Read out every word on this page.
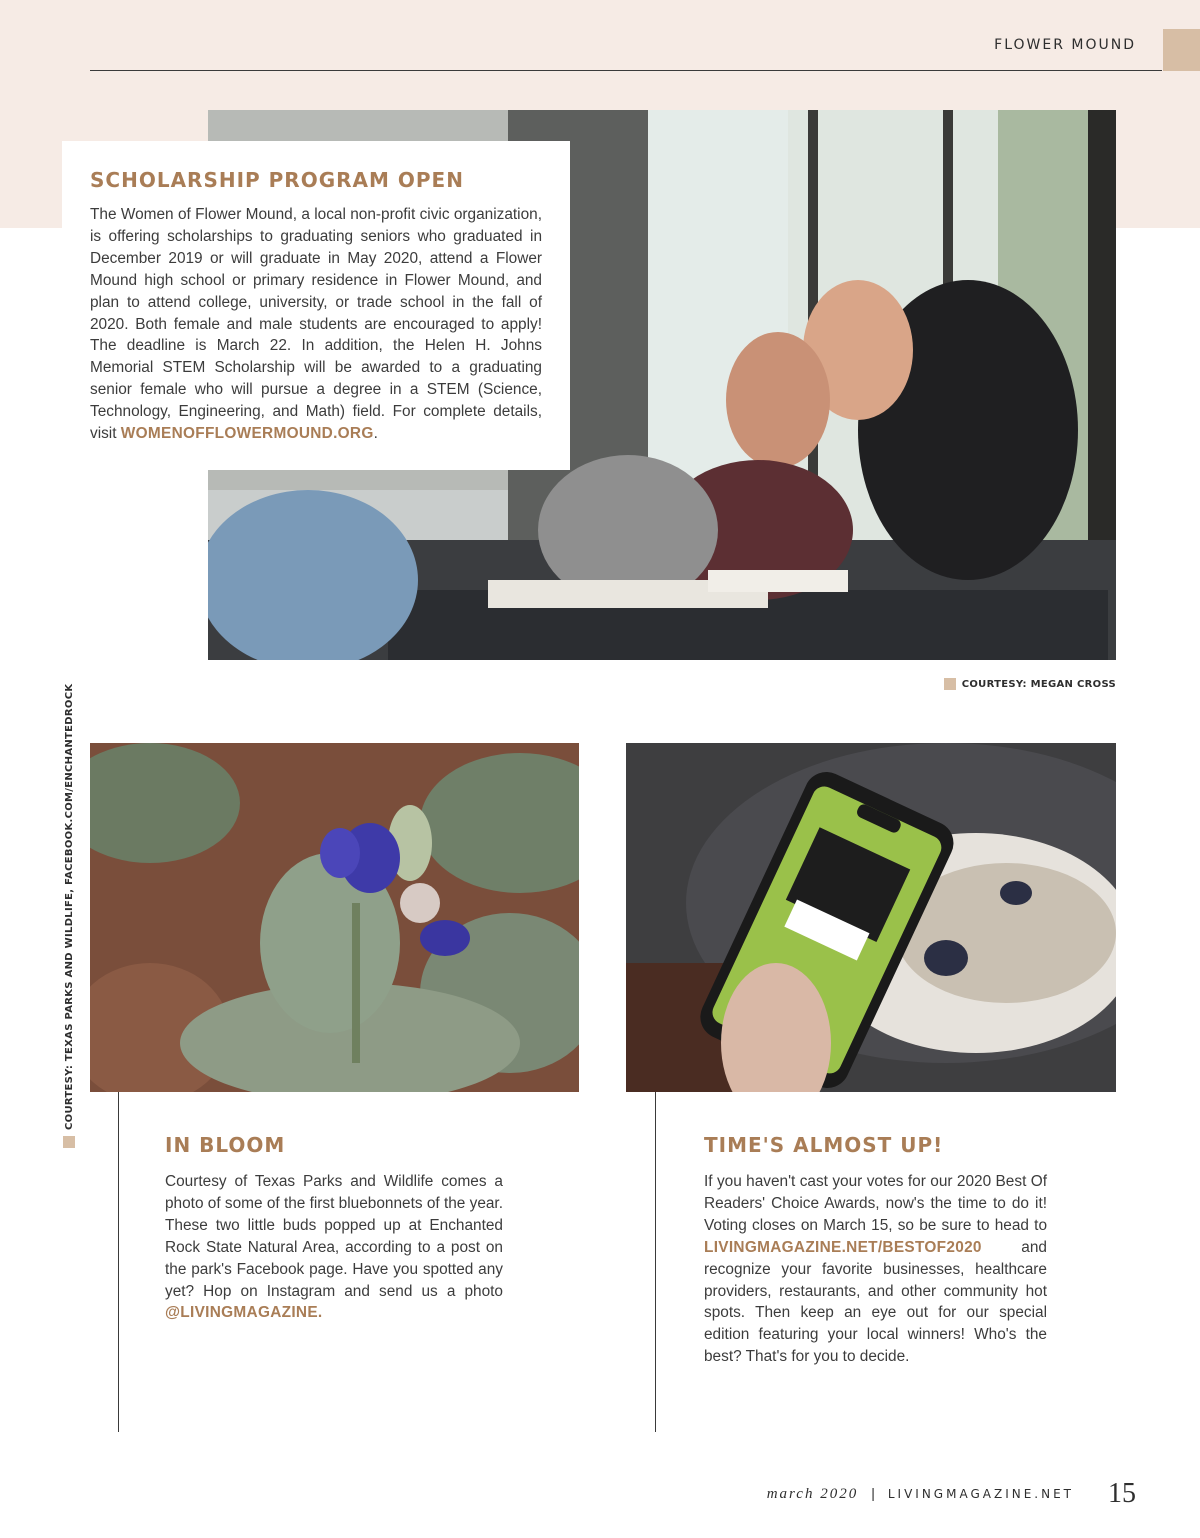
FLOWER MOUND
SCHOLARSHIP PROGRAM OPEN

The Women of Flower Mound, a local non-profit civic organization, is offering scholarships to graduating seniors who graduated in December 2019 or will graduate in May 2020, attend a Flower Mound high school or primary residence in Flower Mound, and plan to attend college, university, or trade school in the fall of 2020. Both female and male students are encouraged to apply! The deadline is March 22. In addition, the Helen H. Johns Memorial STEM Scholarship will be awarded to a graduating senior female who will pursue a degree in a STEM (Science, Technology, Engineering, and Math) field. For complete details, visit WOMENOFFLOWERMOUND.ORG.

COURTESY: MEGAN CROSS
COURTESY: TEXAS PARKS AND WILDLIFE, FACEBOOK.COM/ENCHANTEDROCK
IN BLOOM

Courtesy of Texas Parks and Wildlife comes a photo of some of the first bluebonnets of the year. These two little buds popped up at Enchanted Rock State Natural Area, according to a post on the park's Facebook page. Have you spotted any yet? Hop on Instagram and send us a photo @LIVINGMAGAZINE.

TIME'S ALMOST UP!

If you haven't cast your votes for our 2020 Best Of Readers' Choice Awards, now's the time to do it! Voting closes on March 15, so be sure to head to LIVINGMAGAZINE.NET/BESTOF2020 and recognize your favorite businesses, healthcare providers, restaurants, and other community hot spots. Then keep an eye out for our special edition featuring your local winners! Who's the best? That's for you to decide.

march 2020 | LIVINGMAGAZINE.NET 15
